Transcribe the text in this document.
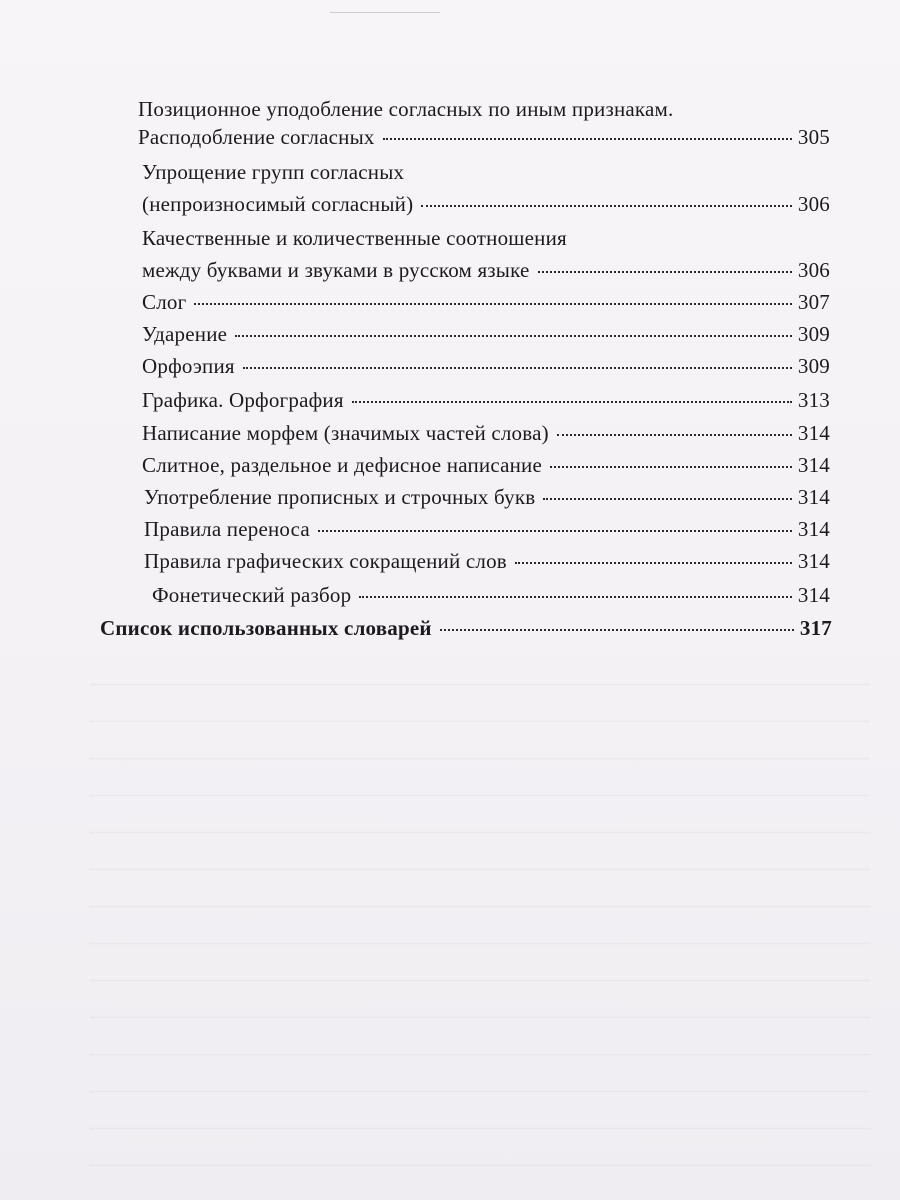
Позиционное уподобление согласных по иным признакам.
Расподобление согласных	305
Упрощение групп согласных
(непроизносимый согласный)	306
Качественные и количественные соотношения
между буквами и звуками в русском языке	306
Слог	307
Ударение	309
Орфоэпия	309
Графика. Орфография	313
Написание морфем (значимых частей слова)	314
Слитное, раздельное и дефисное написание	314
Употребление прописных и строчных букв	314
Правила переноса	314
Правила графических сокращений слов	314
Фонетический разбор	314
Список использованных словарей	317
